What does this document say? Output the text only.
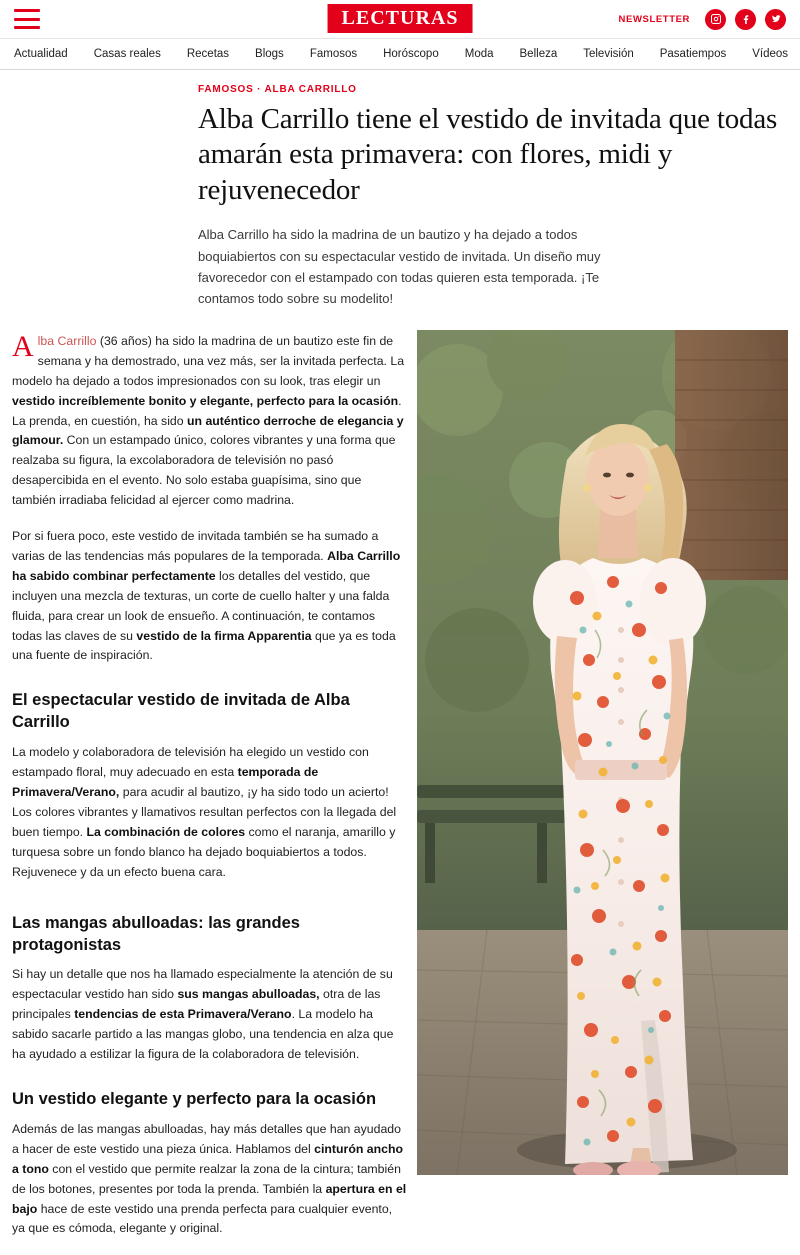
LECTURAS	NEWSLETTER
Actualidad	Casas reales	Recetas	Blogs	Famosos	Horóscopo	Moda	Belleza	Televisión	Pasatiempos	Vídeos
FAMOSOS · ALBA CARRILLO
Alba Carrillo tiene el vestido de invitada que todas amarán esta primavera: con flores, midi y rejuvenecedor

Alba Carrillo ha sido la madrina de un bautizo y ha dejado a todos boquiabiertos con su espectacular vestido de invitada. Un diseño muy favorecedor con el estampado con todas quieren esta temporada. ¡Te contamos todo sobre su modelito!

Alba Carrillo (36 años) ha sido la madrina de un bautizo este fin de semana y ha demostrado, una vez más, ser la invitada perfecta. La modelo ha dejado a todos impresionados con su look, tras elegir un vestido increíblemente bonito y elegante, perfecto para la ocasión. La prenda, en cuestión, ha sido un auténtico derroche de elegancia y glamour. Con un estampado único, colores vibrantes y una forma que realzaba su figura, la excolaboradora de televisión no pasó desapercibida en el evento. No solo estaba guapísima, sino que también irradiaba felicidad al ejercer como madrina.

Por si fuera poco, este vestido de invitada también se ha sumado a varias de las tendencias más populares de la temporada. Alba Carrillo ha sabido combinar perfectamente los detalles del vestido, que incluyen una mezcla de texturas, un corte de cuello halter y una falda fluida, para crear un look de ensueño. A continuación, te contamos todas las claves de su vestido de la firma Apparentia que ya es toda una fuente de inspiración.

El espectacular vestido de invitada de Alba Carrillo

La modelo y colaboradora de televisión ha elegido un vestido con estampado floral, muy adecuado en esta temporada de Primavera/Verano, para acudir al bautizo, ¡y ha sido todo un acierto! Los colores vibrantes y llamativos resultan perfectos con la llegada del buen tiempo. La combinación de colores como el naranja, amarillo y turquesa sobre un fondo blanco ha dejado boquiabiertos a todos. Rejuvenece y da un efecto buena cara.

Las mangas abulloadas: las grandes protagonistas

Si hay un detalle que nos ha llamado especialmente la atención de su espectacular vestido han sido sus mangas abulloadas, otra de las principales tendencias de esta Primavera/Verano. La modelo ha sabido sacarle partido a las mangas globo, una tendencia en alza que ha ayudado a estilizar la figura de la colaboradora de televisión.

Un vestido elegante y perfecto para la ocasión

Además de las mangas abulloadas, hay más detalles que han ayudado a hacer de este vestido una pieza única. Hablamos del cinturón ancho a tono con el vestido que permite realzar la zona de la cintura; también de los botones, presentes por toda la prenda. También la apertura en el bajo hace de este vestido una prenda perfecta para cualquier evento, ya que es cómoda, elegante y original.
